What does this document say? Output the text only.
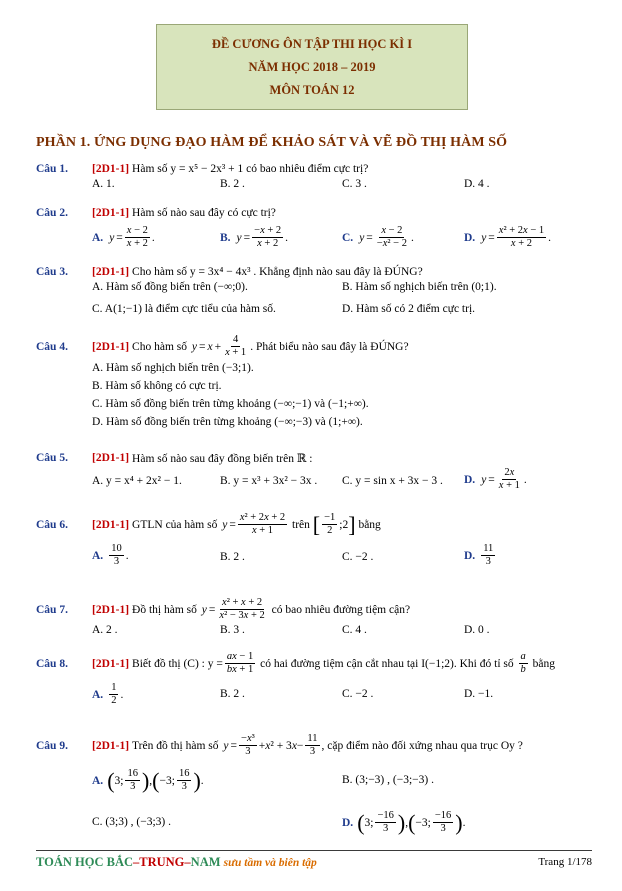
ĐỀ CƯƠNG ÔN TẬP THI HỌC KÌ I
NĂM HỌC 2018 – 2019
MÔN TOÁN 12
PHẦN 1. ỨNG DỤNG ĐẠO HÀM ĐỂ KHẢO SÁT VÀ VẼ ĐỒ THỊ HÀM SỐ
Câu 1.	[2D1-1] Hàm số y = x⁵ − 2x³ + 1 có bao nhiêu điểm cực trị?
A. 1.	B. 2 .	C. 3 .	D. 4 .
Câu 2.	[2D1-1] Hàm số nào sau đây có cực trị?
A. $y = \frac{x - 2}{x + 2}$ .	B. $y = \frac{-x + 2}{x + 2}$ .	C. $y = \frac{x - 2}{\text{−x² − 2}}$ .	D. $y = \frac{\text{x² + 2x − 1}}{x + 2}$ .
Câu 3.	[2D1-1] Cho hàm số y = 3x⁴ − 4x³ . Khẳng định nào sau đây là ĐÚNG?
A. Hàm số đồng biến trên (−∞;0).	B. Hàm số nghịch biến trên (0;1).
C. A(1;−1) là điểm cực tiểu của hàm số.	D. Hàm số có 2 điểm cực trị.
Câu 4.	[2D1-1] Cho hàm số
$y = x + \frac{4}{x + 1}$ . Phát biểu nào sau đây là ĐÚNG?
A. Hàm số nghịch biến trên (−3;1).
B. Hàm số không có cực trị.
C. Hàm số đồng biến trên từng khoảng (−∞;−1) và (−1;+∞).
D. Hàm số đồng biến trên từng khoảng (−∞;−3) và (1;+∞).
Câu 5.	[2D1-1] Hàm số nào sau đây đồng biến trên ℝ :
A. y = x⁴ + 2x² − 1.	B. y = x³ + 3x² − 3x . C. y = sin x + 3x − 3 . D. $y = \frac{2x}{x + 1}$ .
Câu 6.	[2D1-1] GTLN của hàm số
$y = \frac{\text{x² + 2x + 2}}{x + 1}$
trên
[ $\frac{-1}{2}$ ;2 ]
bằng
A. $\frac{10}{3}$ .	B. 2 .	C. −2 .	D. $\frac{11}{3}$
Câu 7.	[2D1-1] Đồ thị hàm số
$y = \frac{\text{x² + x + 2}}{\text{x² − 3x + 2}}$
có bao nhiêu đường tiệm cận?
A. 2 .	B. 3 .	C. 4 .	D. 0 .
Câu 8.	[2D1-1] Biết đồ thị (C) : $y = \frac{ax - 1}{bx + 1}$
có hai đường tiệm cận cắt nhau tại I(−1;2). Khi đó tỉ số
$\frac{a}{b}$
bằng
A. $\frac{1}{2}$ .	B. 2 .	C. −2 .	D. −1.
Câu 9.	[2D1-1] Trên đồ thị hàm số
$y = \frac{\text{−x³}}{3} + x$ ² + 3 $x - \frac{11}{3}$ , cặp điểm nào đối xứng nhau qua trục Oy ?
A. ( 3; $\frac{16}{3}$ ) , ( −3; $\frac{16}{3}$ ) .	B. (3;−3) , (−3;−3) .
C. (3;3) , (−3;3) .	D. ( 3; $\frac{-16}{3}$ ) , ( −3; $\frac{-16}{3}$ ) .
TOÁN HỌC BẮC–TRUNG–NAM sưu tầm và biên tập	Trang 1/178
